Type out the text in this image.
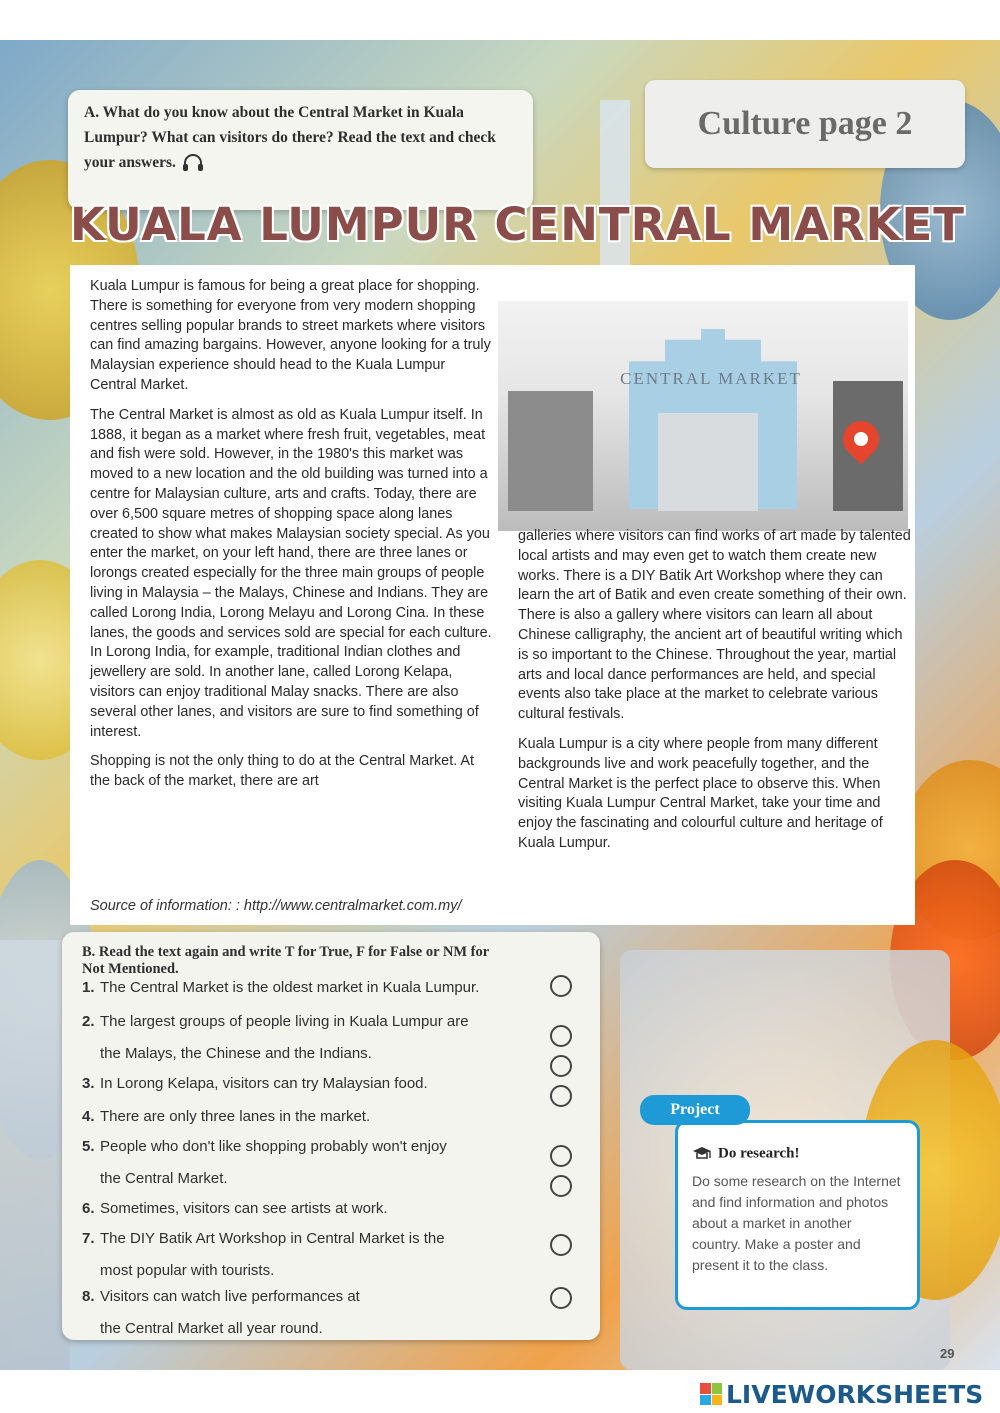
A. What do you know about the Central Market in Kuala Lumpur? What can visitors do there? Read the text and check your answers.

Culture page 2
KUALA LUMPUR CENTRAL MARKET

Kuala Lumpur is famous for being a great place for shopping. There is something for everyone from very modern shopping centres selling popular brands to street markets where visitors can find amazing bargains. However, anyone looking for a truly Malaysian experience should head to the Kuala Lumpur Central Market.

The Central Market is almost as old as Kuala Lumpur itself. In 1888, it began as a market where fresh fruit, vegetables, meat and fish were sold. However, in the 1980's this market was moved to a new location and the old building was turned into a centre for Malaysian culture, arts and crafts. Today, there are over 6,500 square metres of shopping space along lanes created to show what makes Malaysian society special. As you enter the market, on your left hand, there are three lanes or lorongs created especially for the three main groups of people living in Malaysia – the Malays, Chinese and Indians. They are called Lorong India, Lorong Melayu and Lorong Cina. In these lanes, the goods and services sold are special for each culture. In Lorong India, for example, traditional Indian clothes and jewellery are sold. In another lane, called Lorong Kelapa, visitors can enjoy traditional Malay snacks. There are also several other lanes, and visitors are sure to find something of interest.

Shopping is not the only thing to do at the Central Market. At the back of the market, there are art

CENTRAL MARKET

galleries where visitors can find works of art made by talented local artists and may even get to watch them create new works. There is a DIY Batik Art Workshop where they can learn the art of Batik and even create something of their own. There is also a gallery where visitors can learn all about Chinese calligraphy, the ancient art of beautiful writing which is so important to the Chinese. Throughout the year, martial arts and local dance performances are held, and special events also take place at the market to celebrate various cultural festivals.

Kuala Lumpur is a city where people from many different backgrounds live and work peacefully together, and the Central Market is the perfect place to observe this. When visiting Kuala Lumpur Central Market, take your time and enjoy the fascinating and colourful culture and heritage of Kuala Lumpur.

Source of information: : http://www.centralmarket.com.my/

B. Read the text again and write T for True, F for False or NM for Not Mentioned.

1. The Central Market is the oldest market in Kuala Lumpur.
2. The largest groups of people living in Kuala Lumpur are
the Malays, the Chinese and the Indians.
3. In Lorong Kelapa, visitors can try Malaysian food.
4. There are only three lanes in the market.
5. People who don't like shopping probably won't enjoy
the Central Market.
6. Sometimes, visitors can see artists at work.
7. The DIY Batik Art Workshop in Central Market is the
most popular with tourists.
8. Visitors can watch live performances at
the Central Market all year round.
Do research!

Do some research on the Internet and find information and photos about a market in another country. Make a poster and present it to the class.

Project
29
LIVEWORKSHEETS
